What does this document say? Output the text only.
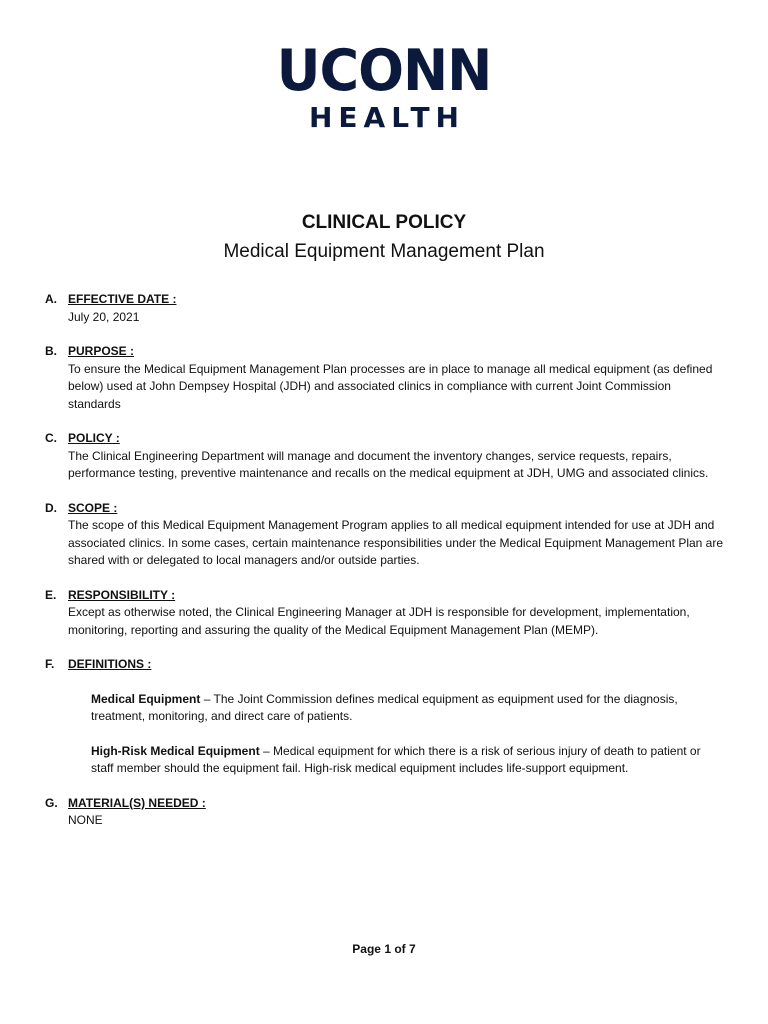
UCONN
HEALTH
CLINICAL POLICY
Medical Equipment Management Plan
A. EFFECTIVE DATE :
July 20, 2021
B. PURPOSE :
To ensure the Medical Equipment Management Plan processes are in place to manage all medical equipment (as defined below) used at John Dempsey Hospital (JDH) and associated clinics in compliance with current Joint Commission standards
C. POLICY :
The Clinical Engineering Department will manage and document the inventory changes, service requests, repairs, performance testing, preventive maintenance and recalls on the medical equipment at JDH, UMG and associated clinics.
D. SCOPE :
The scope of this Medical Equipment Management Program applies to all medical equipment intended for use at JDH and associated clinics. In some cases, certain maintenance responsibilities under the Medical Equipment Management Plan are shared with or delegated to local managers and/or outside parties.
E. RESPONSIBILITY :
Except as otherwise noted, the Clinical Engineering Manager at JDH is responsible for development, implementation, monitoring, reporting and assuring the quality of the Medical Equipment Management Plan (MEMP).
F. DEFINITIONS :
Medical Equipment – The Joint Commission defines medical equipment as equipment used for the diagnosis, treatment, monitoring, and direct care of patients.
High-Risk Medical Equipment – Medical equipment for which there is a risk of serious injury of death to patient or staff member should the equipment fail. High-risk medical equipment includes life-support equipment.
G. MATERIAL(S) NEEDED :
NONE
Page 1 of 7
